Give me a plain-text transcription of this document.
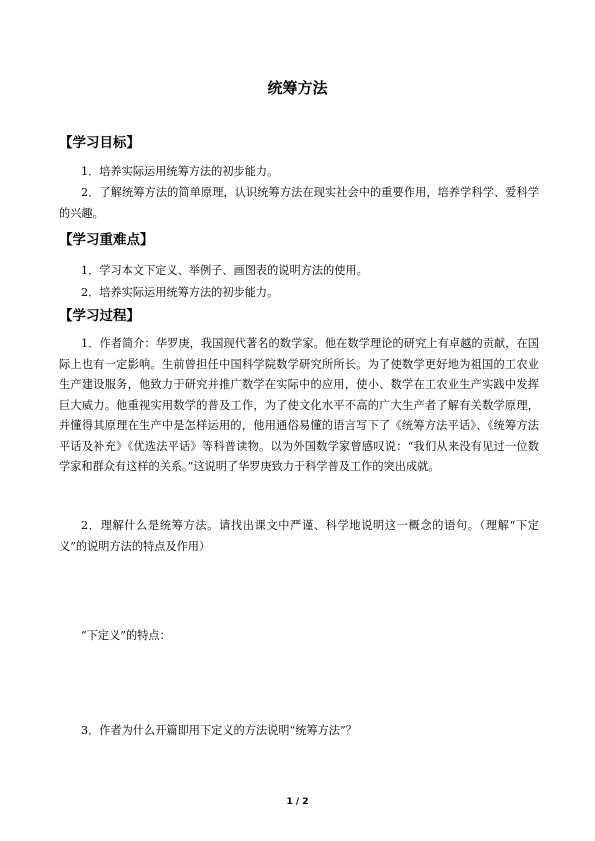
统筹方法
【学习目标】
1．培养实际运用统筹方法的初步能力。
2．了解统筹方法的简单原理，认识统筹方法在现实社会中的重要作用，培养学科学、爱科学的兴趣。
【学习重难点】
1．学习本文下定义、举例子、画图表的说明方法的使用。
2．培养实际运用统筹方法的初步能力。
【学习过程】
1．作者简介：华罗庚，我国现代著名的数学家。他在数学理论的研究上有卓越的贡献，在国际上也有一定影响。生前曾担任中国科学院数学研究所所长。为了使数学更好地为祖国的工农业生产建设服务，他致力于研究并推广数学在实际中的应用，使小、数学在工农业生产实践中发挥巨大威力。他重视实用数学的普及工作，为了使文化水平不高的广大生产者了解有关数学原理，并懂得其原理在生产中是怎样运用的，他用通俗易懂的语言写下了《统筹方法平话》、《统筹方法平话及补充》《优选法平话》等科普读物。以为外国数学家曾感叹说：“我们从来没有见过一位数学家和群众有这样的关系。”这说明了华罗庚致力于科学普及工作的突出成就。
2．理解什么是统筹方法。请找出课文中严谨、科学地说明这一概念的语句。（理解“下定义”的说明方法的特点及作用）
“下定义”的特点：
3．作者为什么开篇即用下定义的方法说明“统筹方法”？
1 / 2
